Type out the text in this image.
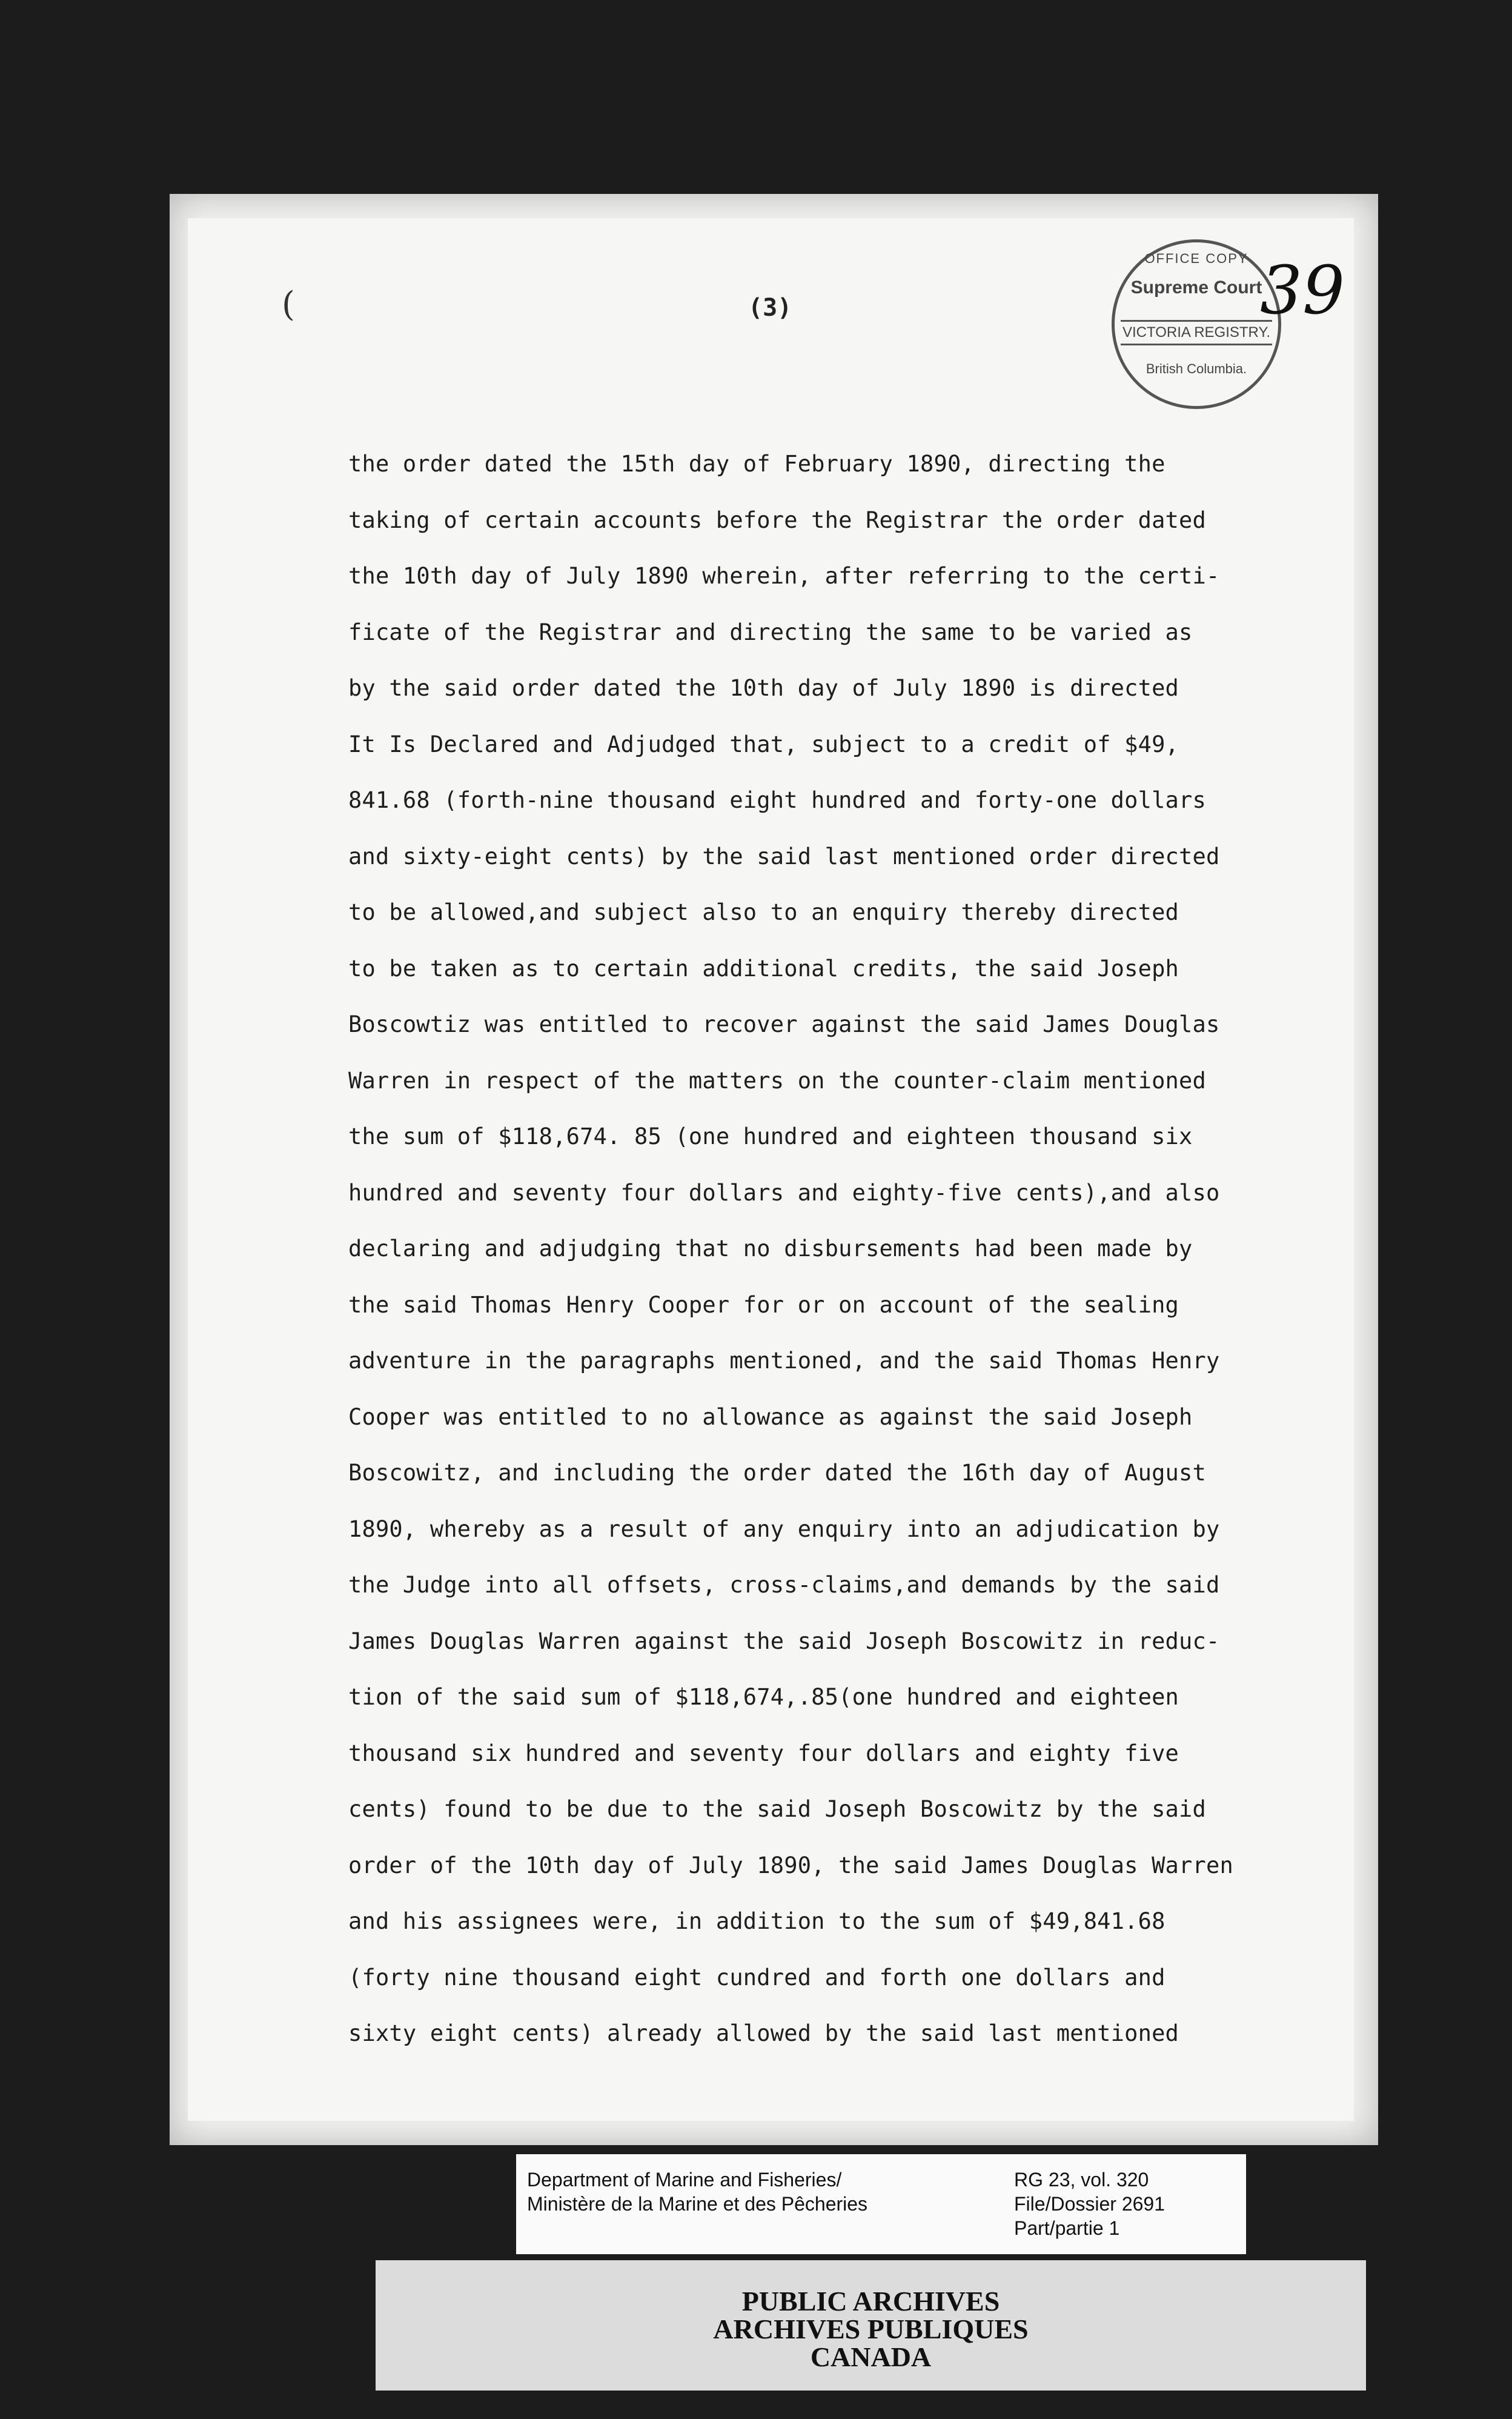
(	(3)
OFFICE COPY
Supreme Court
VICTORIA REGISTRY.
British Columbia.
39
the order dated the 15th day of February 1890, directing the
taking of certain accounts before the Registrar the order dated
the 10th day of July 1890 wherein, after referring to the certi-
ficate of the Registrar and directing the same to be varied as
by the said order dated the 10th day of July 1890 is directed
It Is Declared and Adjudged that, subject to a credit of $49,
841.68 (forth-nine thousand eight hundred and forty-one dollars
and sixty-eight cents) by the said last mentioned order directed
to be allowed,and subject also to an enquiry thereby directed
to be taken as to certain additional credits, the said Joseph
Boscowtiz was entitled to recover against the said James Douglas
Warren in respect of the matters on the counter-claim mentioned
the sum of $118,674. 85 (one hundred and eighteen thousand six
hundred and seventy four dollars and eighty-five cents),and also
declaring and adjudging that no disbursements had been made by
the said Thomas Henry Cooper for or on account of the sealing
adventure in the paragraphs mentioned, and the said Thomas Henry
Cooper was entitled to no allowance as against the said Joseph
Boscowitz, and including the order dated the 16th day of August
1890, whereby as a result of any enquiry into an adjudication by
the Judge into all offsets, cross-claims,and demands by the said
James Douglas Warren against the said Joseph Boscowitz in reduc-
tion of the said sum of $118,674,.85(one hundred and eighteen
thousand six hundred and seventy four dollars and eighty five
cents) found to be due to the said Joseph Boscowitz by the said
order of the 10th day of July 1890, the said James Douglas Warren
and his assignees were, in addition to the sum of $49,841.68
(forty nine thousand eight cundred and forth one dollars and
sixty eight cents) already allowed by the said last mentioned
Department of Marine and Fisheries/
Ministère de la Marine et des Pêcheries
RG 23, vol. 320
File/Dossier 2691
Part/partie 1
PUBLIC ARCHIVES
ARCHIVES PUBLIQUES
CANADA
